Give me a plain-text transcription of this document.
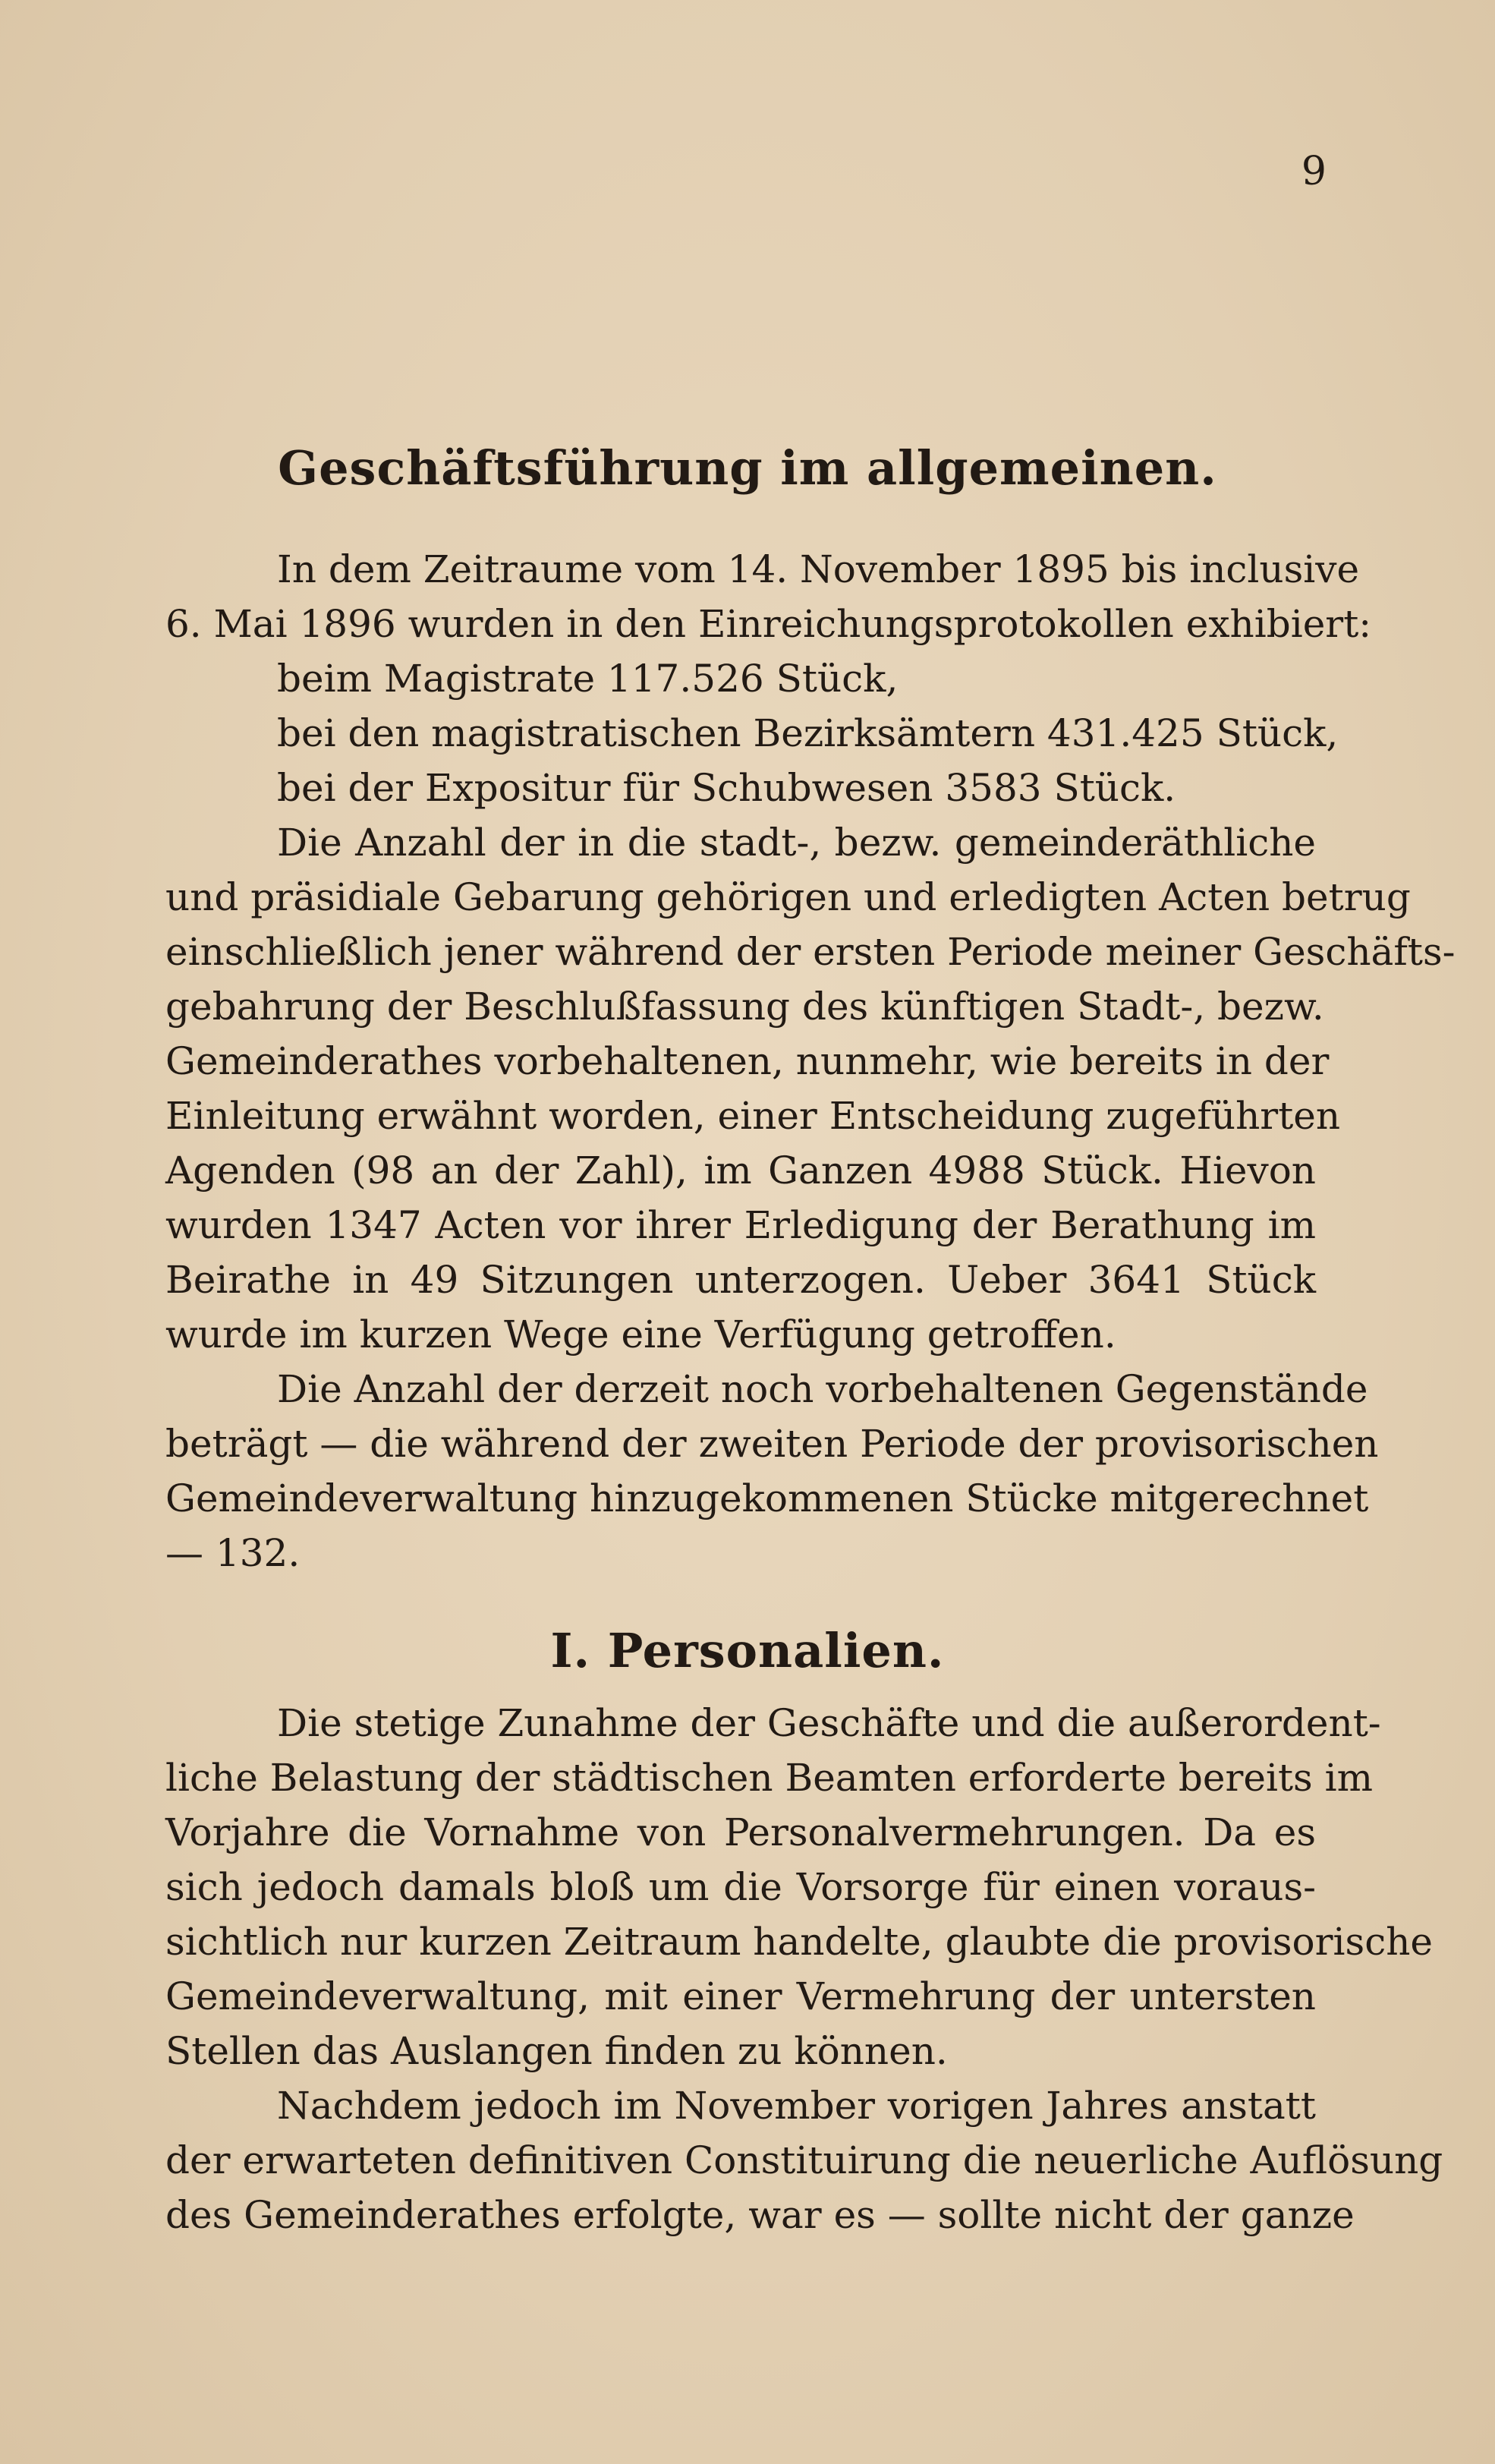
9
Geschäftsführung im allgemeinen.
In dem Zeitraume vom 14. November 1895 bis inclusive
6. Mai 1896 wurden in den Einreichungsprotokollen exhibiert:
beim Magistrate 117.526 Stück,
bei den magistratischen Bezirksämtern 431.425 Stück,
bei der Expositur für Schubwesen 3583 Stück.
Die Anzahl der in die stadt-, bezw. gemeinderäthliche
und präsidiale Gebarung gehörigen und erledigten Acten betrug
einschließlich jener während der ersten Periode meiner Geschäfts-
gebahrung der Beschlußfassung des künftigen Stadt-, bezw.
Gemeinderathes vorbehaltenen, nunmehr, wie bereits in der
Einleitung erwähnt worden, einer Entscheidung zugeführten
Agenden (98 an der Zahl), im Ganzen 4988 Stück. Hievon
wurden 1347 Acten vor ihrer Erledigung der Berathung im
Beirathe in 49 Sitzungen unterzogen. Ueber 3641 Stück
wurde im kurzen Wege eine Verfügung getroffen.
Die Anzahl der derzeit noch vorbehaltenen Gegenstände
beträgt — die während der zweiten Periode der provisorischen
Gemeindeverwaltung hinzugekommenen Stücke mitgerechnet
— 132.
I. Personalien.
Die stetige Zunahme der Geschäfte und die außerordent-
liche Belastung der städtischen Beamten erforderte bereits im
Vorjahre die Vornahme von Personalvermehrungen. Da es
sich jedoch damals bloß um die Vorsorge für einen voraus-
sichtlich nur kurzen Zeitraum handelte, glaubte die provisorische
Gemeindeverwaltung, mit einer Vermehrung der untersten
Stellen das Auslangen finden zu können.
Nachdem jedoch im November vorigen Jahres anstatt
der erwarteten definitiven Constituirung die neuerliche Auflösung
des Gemeinderathes erfolgte, war es — sollte nicht der ganze
